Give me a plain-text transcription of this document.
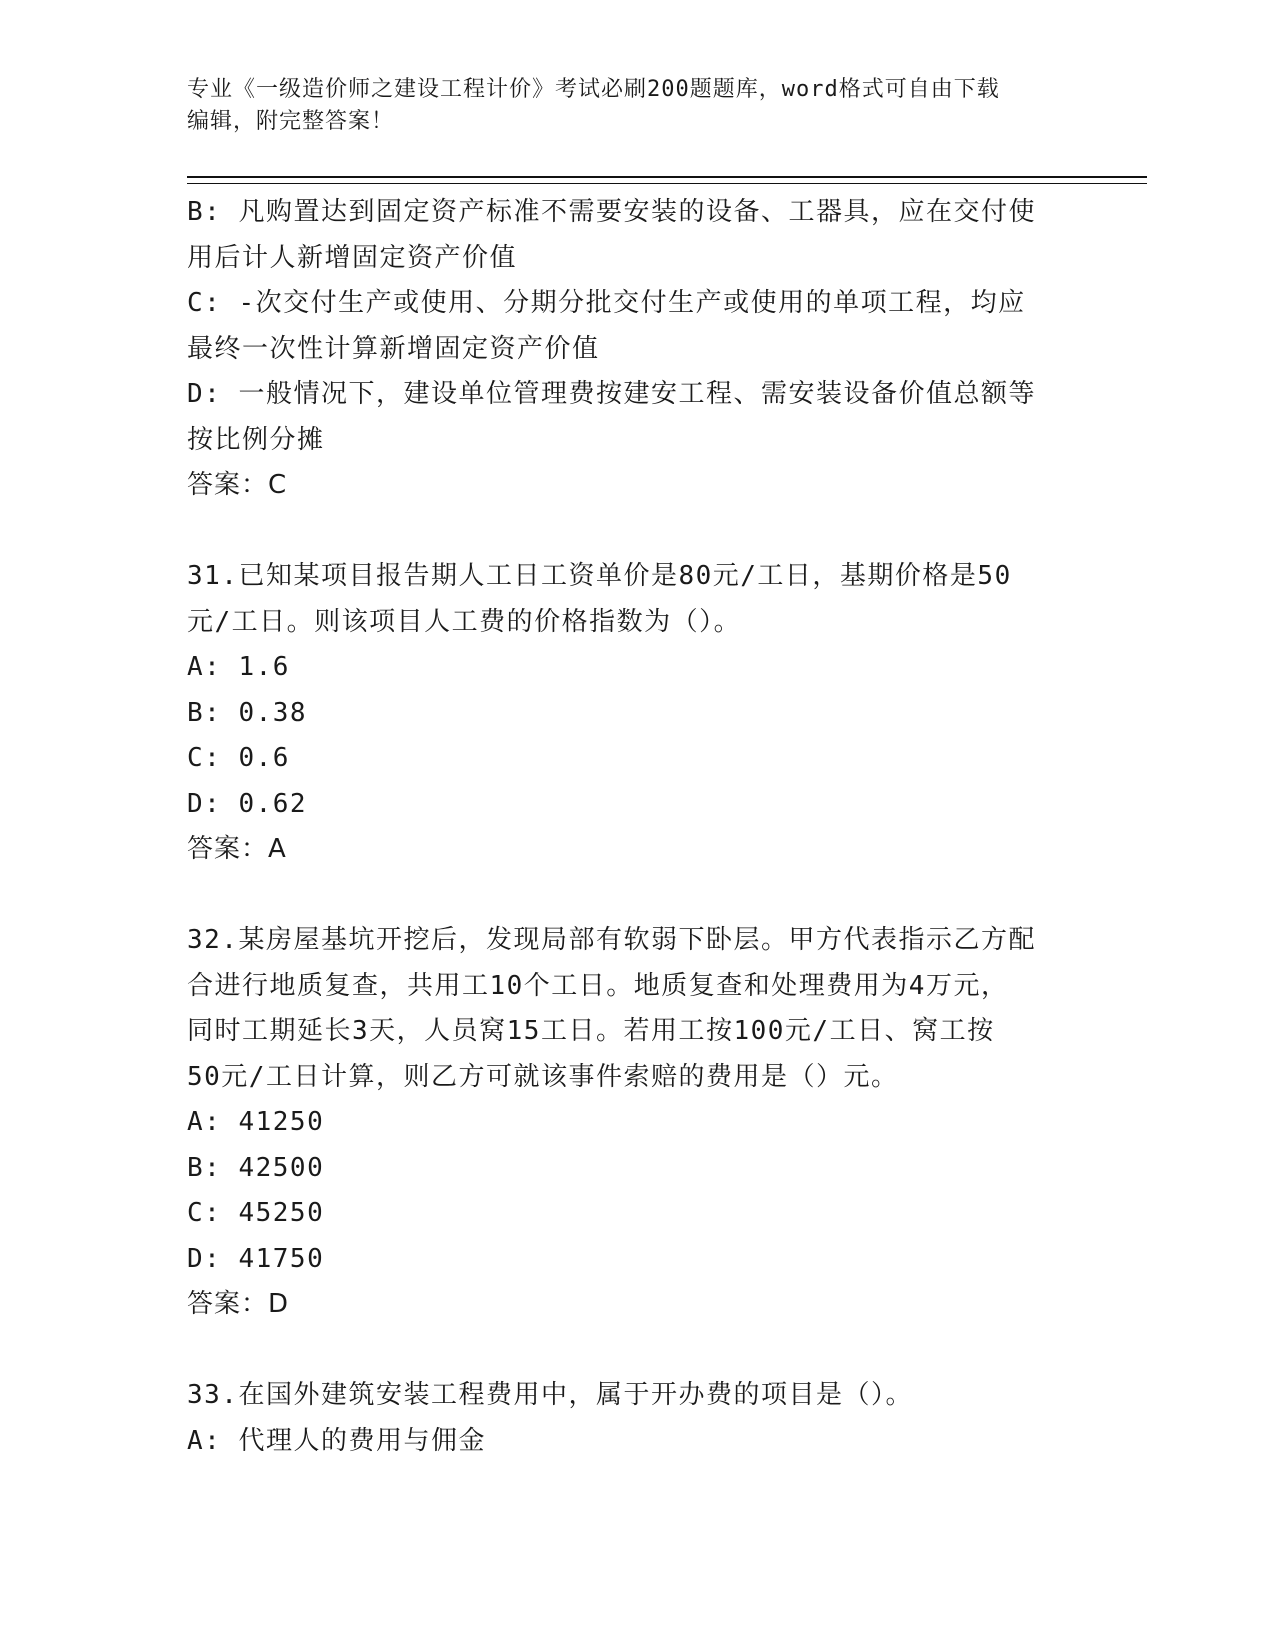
专业《一级造价师之建设工程计价》考试必刷200题题库，word格式可自由下载
编辑，附完整答案！
B: 凡购置达到固定资产标准不需要安装的设备、工器具，应在交付使
用后计人新增固定资产价值
C: -次交付生产或使用、分期分批交付生产或使用的单项工程，均应
最终一次性计算新增固定资产价值
D: 一般情况下，建设单位管理费按建安工程、需安装设备价值总额等
按比例分摊
答案：C
31.已知某项目报告期人工日工资单价是80元/工日，基期价格是50
元/工日。则该项目人工费的价格指数为（）。
A: 1.6
B: 0.38
C: 0.6
D: 0.62
答案：A
32.某房屋基坑开挖后，发现局部有软弱下卧层。甲方代表指示乙方配
合进行地质复查，共用工10个工日。地质复查和处理费用为4万元，
同时工期延长3天，人员窝15工日。若用工按100元/工日、窝工按
50元/工日计算，则乙方可就该事件索赔的费用是（）元。
A: 41250
B: 42500
C: 45250
D: 41750
答案：D
33.在国外建筑安装工程费用中，属于开办费的项目是（）。
A: 代理人的费用与佣金
